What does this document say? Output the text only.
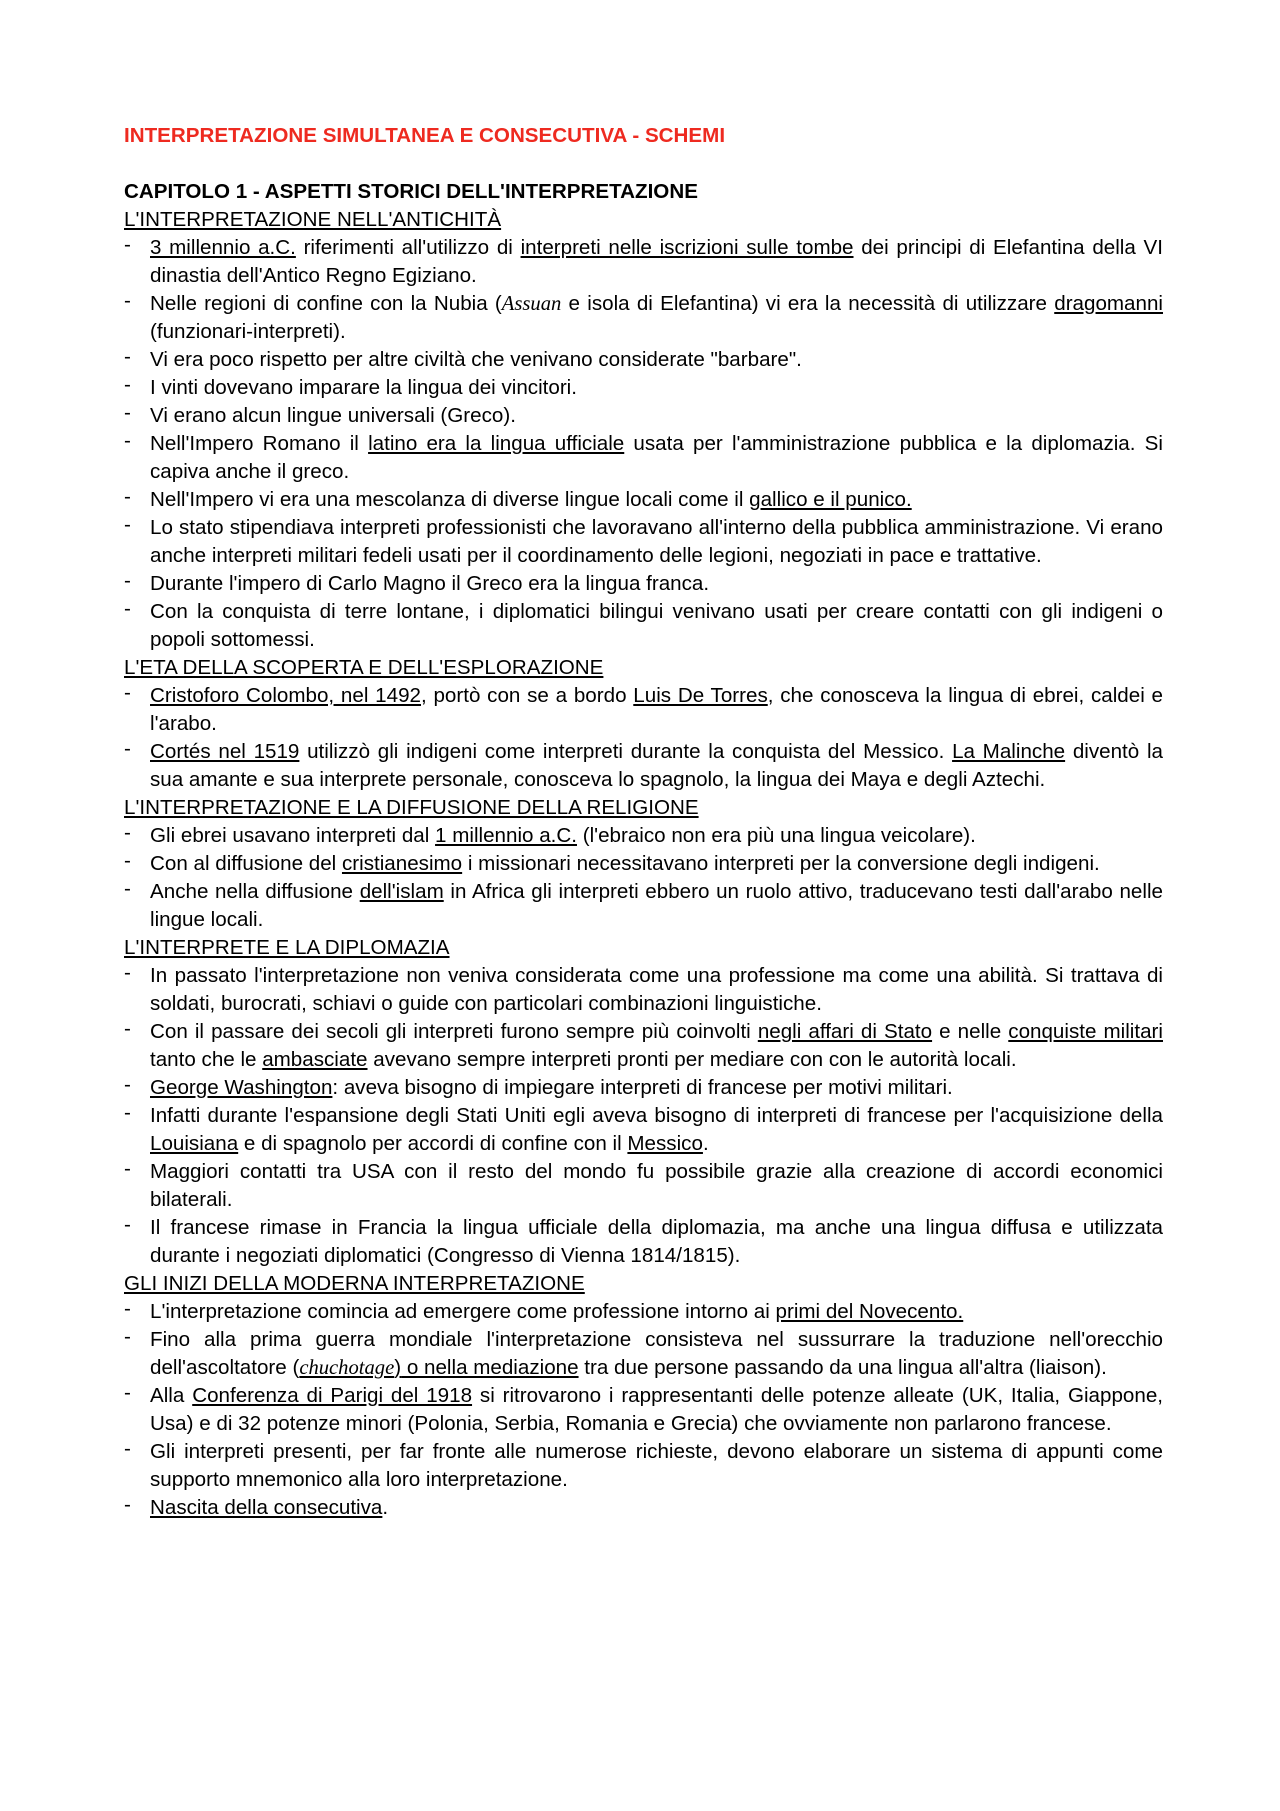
INTERPRETAZIONE SIMULTANEA E CONSECUTIVA - SCHEMI
CAPITOLO 1 - ASPETTI STORICI DELL'INTERPRETAZIONE
L'INTERPRETAZIONE NELL'ANTICHITÀ
- 3 millennio a.C. riferimenti all'utilizzo di interpreti nelle iscrizioni sulle tombe dei principi di Elefantina della VI dinastia dell'Antico Regno Egiziano.
- Nelle regioni di confine con la Nubia (Assuan e isola di Elefantina) vi era la necessità di utilizzare dragomanni (funzionari-interpreti).
- Vi era poco rispetto per altre civiltà che venivano considerate "barbare".
- I vinti dovevano imparare la lingua dei vincitori.
- Vi erano alcun lingue universali (Greco).
- Nell'Impero Romano il latino era la lingua ufficiale usata per l'amministrazione pubblica e la diplomazia. Si capiva anche il greco.
- Nell'Impero vi era una mescolanza di diverse lingue locali come il gallico e il punico.
- Lo stato stipendiava interpreti professionisti che lavoravano all'interno della pubblica amministrazione. Vi erano anche interpreti militari fedeli usati per il coordinamento delle legioni, negoziati in pace e trattative.
- Durante l'impero di Carlo Magno il Greco era la lingua franca.
- Con la conquista di terre lontane, i diplomatici bilingui venivano usati per creare contatti con gli indigeni o popoli sottomessi.
L'ETA DELLA SCOPERTA E DELL'ESPLORAZIONE
- Cristoforo Colombo, nel 1492, portò con se a bordo Luis De Torres, che conosceva la lingua di ebrei, caldei e l'arabo.
- Cortés nel 1519 utilizzò gli indigeni come interpreti durante la conquista del Messico. La Malinche diventò la sua amante e sua interprete personale, conosceva lo spagnolo, la lingua dei Maya e degli Aztechi.
L'INTERPRETAZIONE E LA DIFFUSIONE DELLA RELIGIONE
- Gli ebrei usavano interpreti dal 1 millennio a.C. (l'ebraico non era più una lingua veicolare).
- Con al diffusione del cristianesimo i missionari necessitavano interpreti per la conversione degli indigeni.
- Anche nella diffusione dell'islam in Africa gli interpreti ebbero un ruolo attivo, traducevano testi dall'arabo nelle lingue locali.
L'INTERPRETE E LA DIPLOMAZIA
- In passato l'interpretazione non veniva considerata come una professione ma come una abilità. Si trattava di soldati, burocrati, schiavi o guide con particolari combinazioni linguistiche.
- Con il passare dei secoli gli interpreti furono sempre più coinvolti negli affari di Stato e nelle conquiste militari tanto che le ambasciate avevano sempre interpreti pronti per mediare con con le autorità locali.
- George Washington: aveva bisogno di impiegare interpreti di francese per motivi militari.
- Infatti durante l'espansione degli Stati Uniti egli aveva bisogno di interpreti di francese per l'acquisizione della Louisiana e di spagnolo per accordi di confine con il Messico.
- Maggiori contatti tra USA con il resto del mondo fu possibile grazie alla creazione di accordi economici bilaterali.
- Il francese rimase in Francia la lingua ufficiale della diplomazia, ma anche una lingua diffusa e utilizzata durante i negoziati diplomatici (Congresso di Vienna 1814/1815).
GLI INIZI DELLA MODERNA INTERPRETAZIONE
- L'interpretazione comincia ad emergere come professione intorno ai primi del Novecento.
- Fino alla prima guerra mondiale l'interpretazione consisteva nel sussurrare la traduzione nell'orecchio dell'ascoltatore (chuchotage) o nella mediazione tra due persone passando da una lingua all'altra (liaison).
- Alla Conferenza di Parigi del 1918 si ritrovarono i rappresentanti delle potenze alleate (UK, Italia, Giappone, Usa) e di 32 potenze minori (Polonia, Serbia, Romania e Grecia) che ovviamente non parlarono francese.
- Gli interpreti presenti, per far fronte alle numerose richieste, devono elaborare un sistema di appunti come supporto mnemonico alla loro interpretazione.
- Nascita della consecutiva.
